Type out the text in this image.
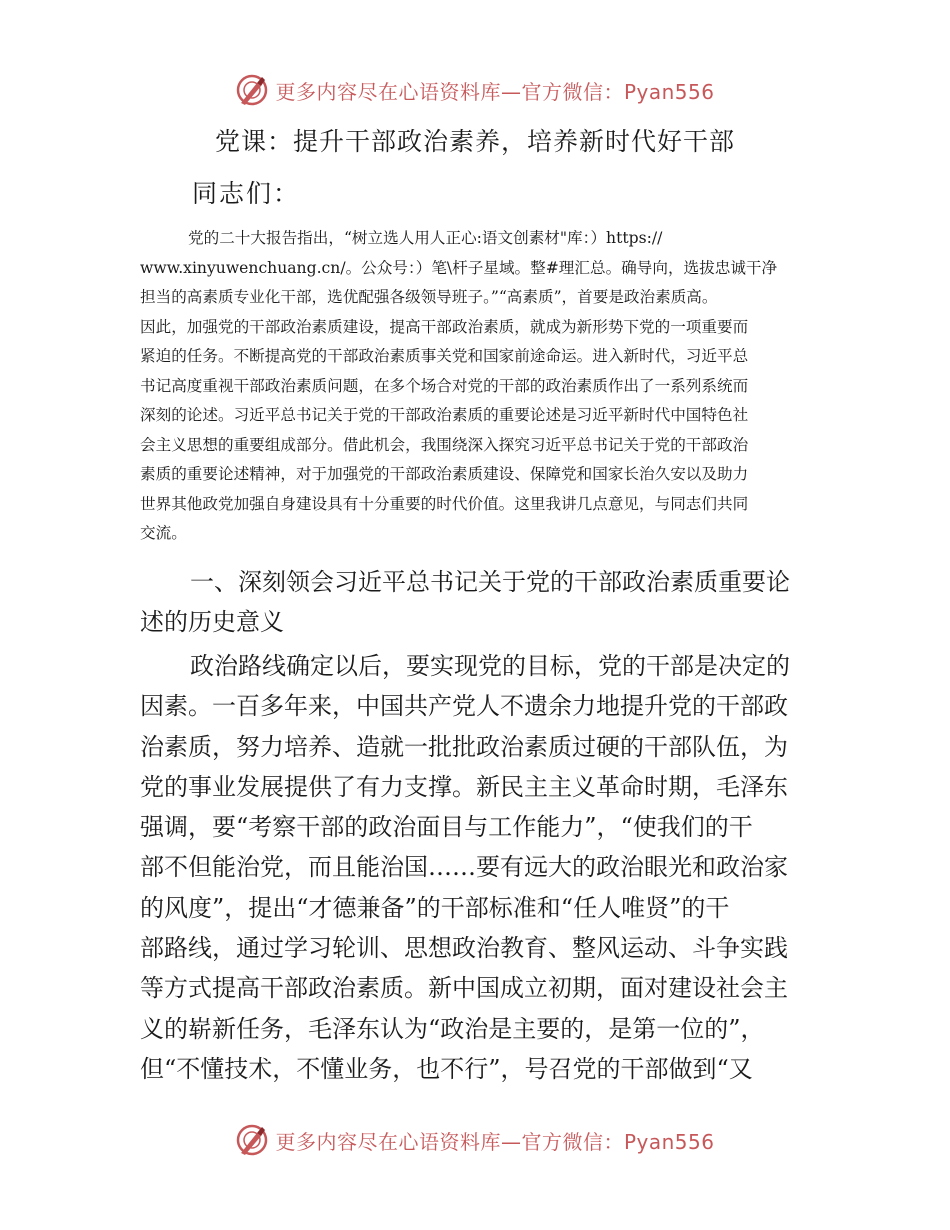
更多内容尽在心语资料库—官方微信：Pyan556
党课：提升干部政治素养，培养新时代好干部
同志们：
党的二十大报告指出，“树立选人用人正心:语文创素材"库：）https://
www.xinyuwenchuang.cn/。公众号：）笔\杆子星域。整#理汇总。确导向，选拔忠诚干净
担当的高素质专业化干部，选优配强各级领导班子。”“高素质”，首要是政治素质高。
因此，加强党的干部政治素质建设，提高干部政治素质，就成为新形势下党的一项重要而
紧迫的任务。不断提高党的干部政治素质事关党和国家前途命运。进入新时代，习近平总
书记高度重视干部政治素质问题，在多个场合对党的干部的政治素质作出了一系列系统而
深刻的论述。习近平总书记关于党的干部政治素质的重要论述是习近平新时代中国特色社
会主义思想的重要组成部分。借此机会，我围绕深入探究习近平总书记关于党的干部政治
素质的重要论述精神，对于加强党的干部政治素质建设、保障党和国家长治久安以及助力
世界其他政党加强自身建设具有十分重要的时代价值。这里我讲几点意见，与同志们共同
交流。
一、深刻领会习近平总书记关于党的干部政治素质重要论
述的历史意义
政治路线确定以后，要实现党的目标，党的干部是决定的
因素。一百多年来，中国共产党人不遗余力地提升党的干部政
治素质，努力培养、造就一批批政治素质过硬的干部队伍，为
党的事业发展提供了有力支撑。新民主主义革命时期，毛泽东
强调，要“考察干部的政治面目与工作能力”，“使我们的干
部不但能治党，而且能治国……要有远大的政治眼光和政治家
的风度”，提出“才德兼备”的干部标准和“任人唯贤”的干
部路线，通过学习轮训、思想政治教育、整风运动、斗争实践
等方式提高干部政治素质。新中国成立初期，面对建设社会主
义的崭新任务，毛泽东认为“政治是主要的，是第一位的”，
但“不懂技术，不懂业务，也不行”，号召党的干部做到“又
更多内容尽在心语资料库—官方微信：Pyan556
